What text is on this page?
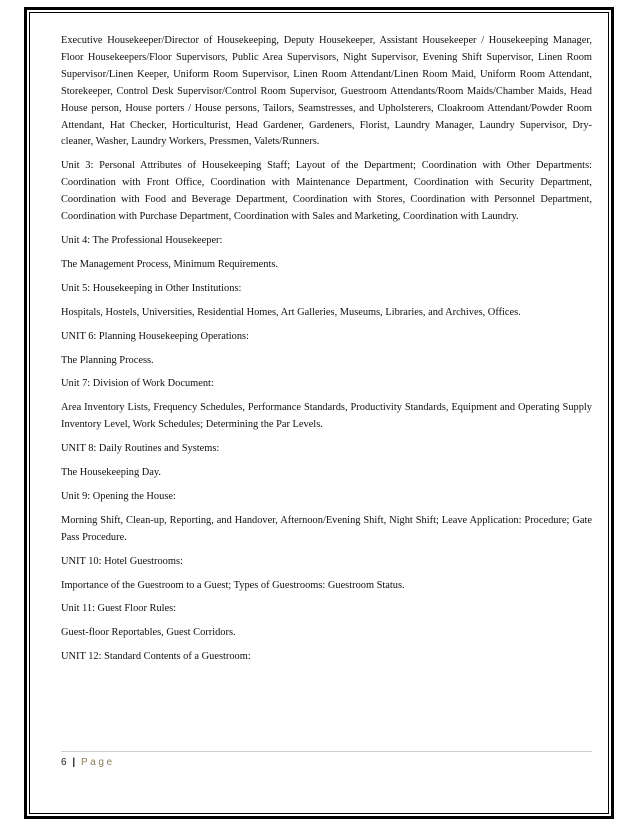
Executive Housekeeper/Director of Housekeeping, Deputy Housekeeper, Assistant Housekeeper / Housekeeping Manager, Floor Housekeepers/Floor Supervisors, Public Area Supervisors, Night Supervisor, Evening Shift Supervisor, Linen Room Supervisor/Linen Keeper, Uniform Room Supervisor, Linen Room Attendant/Linen Room Maid, Uniform Room Attendant, Storekeeper, Control Desk Supervisor/Control Room Supervisor, Guestroom Attendants/Room Maids/Chamber Maids, Head House person, House porters / House persons, Tailors, Seamstresses, and Upholsterers, Cloakroom Attendant/Powder Room Attendant, Hat Checker, Horticulturist, Head Gardener, Gardeners, Florist, Laundry Manager, Laundry Supervisor, Dry-cleaner, Washer, Laundry Workers, Pressmen, Valets/Runners.

Unit 3: Personal Attributes of Housekeeping Staff; Layout of the Department; Coordination with Other Departments: Coordination with Front Office, Coordination with Maintenance Department, Coordination with Security Department, Coordination with Food and Beverage Department, Coordination with Stores, Coordination with Personnel Department, Coordination with Purchase Department, Coordination with Sales and Marketing, Coordination with Laundry.

Unit 4: The Professional Housekeeper:

The Management Process, Minimum Requirements.

Unit 5: Housekeeping in Other Institutions:

Hospitals, Hostels, Universities, Residential Homes, Art Galleries, Museums, Libraries, and Archives, Offices.

UNIT 6: Planning Housekeeping Operations:

The Planning Process.

Unit 7: Division of Work Document:

Area Inventory Lists, Frequency Schedules, Performance Standards, Productivity Standards, Equipment and Operating Supply Inventory Level, Work Schedules; Determining the Par Levels.

UNIT 8: Daily Routines and Systems:

The Housekeeping Day.

Unit 9: Opening the House:

Morning Shift, Clean-up, Reporting, and Handover, Afternoon/Evening Shift, Night Shift; Leave Application: Procedure; Gate Pass Procedure.

UNIT 10: Hotel Guestrooms:

Importance of the Guestroom to a Guest; Types of Guestrooms: Guestroom Status.

Unit 11: Guest Floor Rules:

Guest-floor Reportables, Guest Corridors.

UNIT 12: Standard Contents of a Guestroom:

6 | Page
